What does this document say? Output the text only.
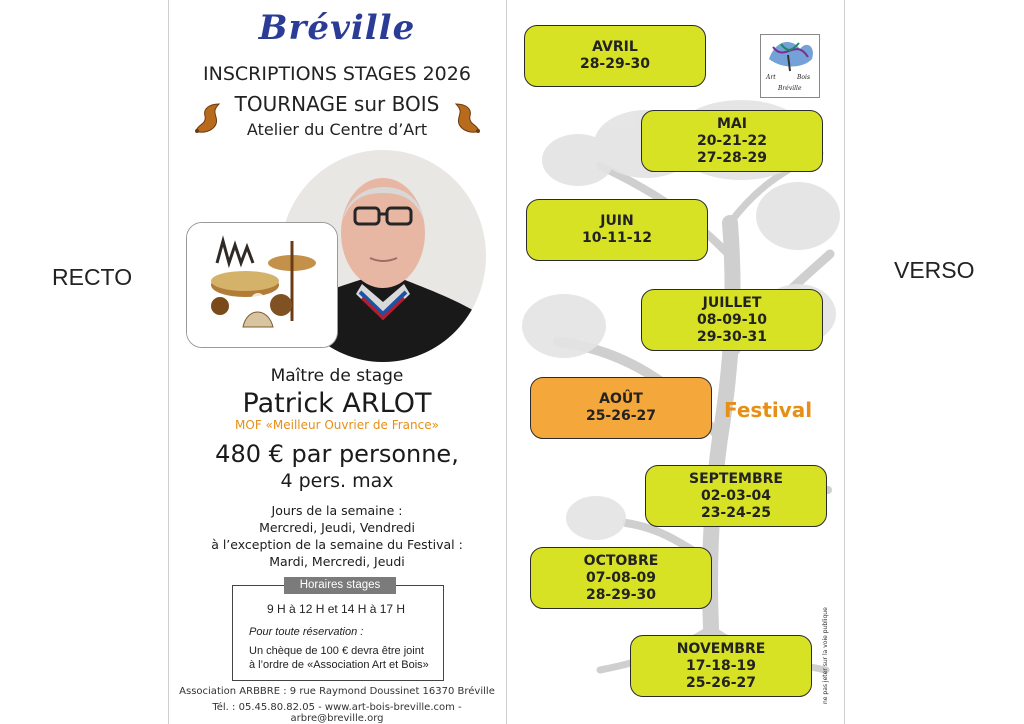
RECTO	VERSO
Bréville
INSCRIPTIONS STAGES 2026
TOURNAGE sur BOIS
Atelier du Centre d’Art
Maître de stage
Patrick ARLOT
MOF «Meilleur Ouvrier de France»
480 € par personne,
4 pers. max
Jours de la semaine :
Mercredi, Jeudi, Vendredi
à l’exception de la semaine du Festival :
Mardi, Mercredi, Jeudi
Horaires stages
9 H à 12 H et 14 H à 17 H
Pour toute réservation :
Un chèque de 100 € devra être joint
à l’ordre de «Association Art et Bois»
Association ARBBRE : 9 rue Raymond Doussinet 16370 Bréville
Tél. : 05.45.80.82.05 - www.art-bois-breville.com - arbre@breville.org
AVRIL
28-29-30
MAI
20-21-22
27-28-29
JUIN
10-11-12
JUILLET
08-09-10
29-30-31
AOÛT
25-26-27	Festival
SEPTEMBRE
02-03-04
23-24-25
OCTOBRE
07-08-09
28-29-30
NOVEMBRE
17-18-19
25-26-27
Art	Bois
Bréville
ne pas jeter sur la voie publique
